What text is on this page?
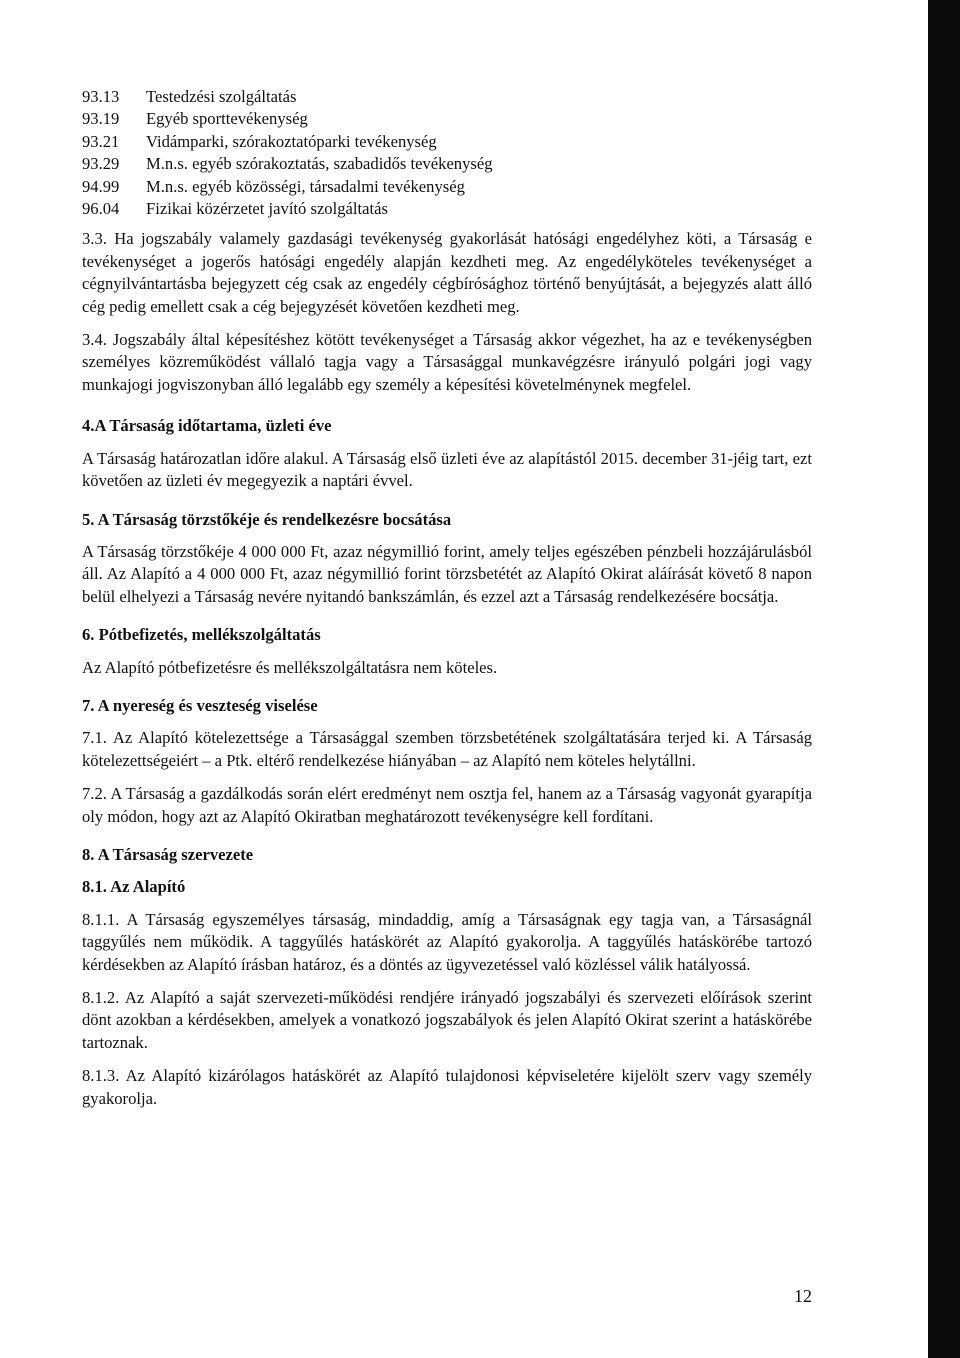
93.13	Testedzési szolgáltatás
93.19	Egyéb sporttevékenység
93.21	Vidámparki, szórakoztatóparki tevékenység
93.29	M.n.s. egyéb szórakoztatás, szabadidős tevékenység
94.99	M.n.s. egyéb közösségi, társadalmi tevékenység
96.04	Fizikai közérzetet javító szolgáltatás

3.3. Ha jogszabály valamely gazdasági tevékenység gyakorlását hatósági engedélyhez köti, a Társaság e tevékenységet a jogerős hatósági engedély alapján kezdheti meg. Az engedélyköteles tevékenységet a cégnyilvántartásba bejegyzett cég csak az engedély cégbírósághoz történő benyújtását, a bejegyzés alatt álló cég pedig emellett csak a cég bejegyzését követően kezdheti meg.

3.4. Jogszabály által képesítéshez kötött tevékenységet a Társaság akkor végezhet, ha az e tevékenységben személyes közreműködést vállaló tagja vagy a Társasággal munkavégzésre irányuló polgári jogi vagy munkajogi jogviszonyban álló legalább egy személy a képesítési követelménynek megfelel.

4.A Társaság időtartama, üzleti éve

A Társaság határozatlan időre alakul. A Társaság első üzleti éve az alapítástól 2015. december 31-jéig tart, ezt követően az üzleti év megegyezik a naptári évvel.

5. A Társaság törzstőkéje és rendelkezésre bocsátása

A Társaság törzstőkéje 4 000 000 Ft, azaz négymillió forint, amely teljes egészében pénzbeli hozzájárulásból áll. Az Alapító a 4 000 000 Ft, azaz négymillió forint törzsbetétét az Alapító Okirat aláírását követő 8 napon belül elhelyezi a Társaság nevére nyitandó bankszámlán, és ezzel azt a Társaság rendelkezésére bocsátja.

6. Pótbefizetés, mellékszolgáltatás

Az Alapító pótbefizetésre és mellékszolgáltatásra nem köteles.

7. A nyereség és veszteség viselése

7.1. Az Alapító kötelezettsége a Társasággal szemben törzsbetétének szolgáltatására terjed ki. A Társaság kötelezettségeiért – a Ptk. eltérő rendelkezése hiányában – az Alapító nem köteles helytállni.

7.2. A Társaság a gazdálkodás során elért eredményt nem osztja fel, hanem az a Társaság vagyonát gyarapítja oly módon, hogy azt az Alapító Okiratban meghatározott tevékenységre kell fordítani.

8. A Társaság szervezete
8.1. Az Alapító

8.1.1. A Társaság egyszemélyes társaság, mindaddig, amíg a Társaságnak egy tagja van, a Társaságnál taggyűlés nem működik. A taggyűlés hatáskörét az Alapító gyakorolja. A taggyűlés hatáskörébe tartozó kérdésekben az Alapító írásban határoz, és a döntés az ügyvezetéssel való közléssel válik hatályossá.

8.1.2. Az Alapító a saját szervezeti-működési rendjére irányadó jogszabályi és szervezeti előírások szerint dönt azokban a kérdésekben, amelyek a vonatkozó jogszabályok és jelen Alapító Okirat szerint a hatáskörébe tartoznak.

8.1.3. Az Alapító kizárólagos hatáskörét az Alapító tulajdonosi képviseletére kijelölt szerv vagy személy gyakorolja.

12
